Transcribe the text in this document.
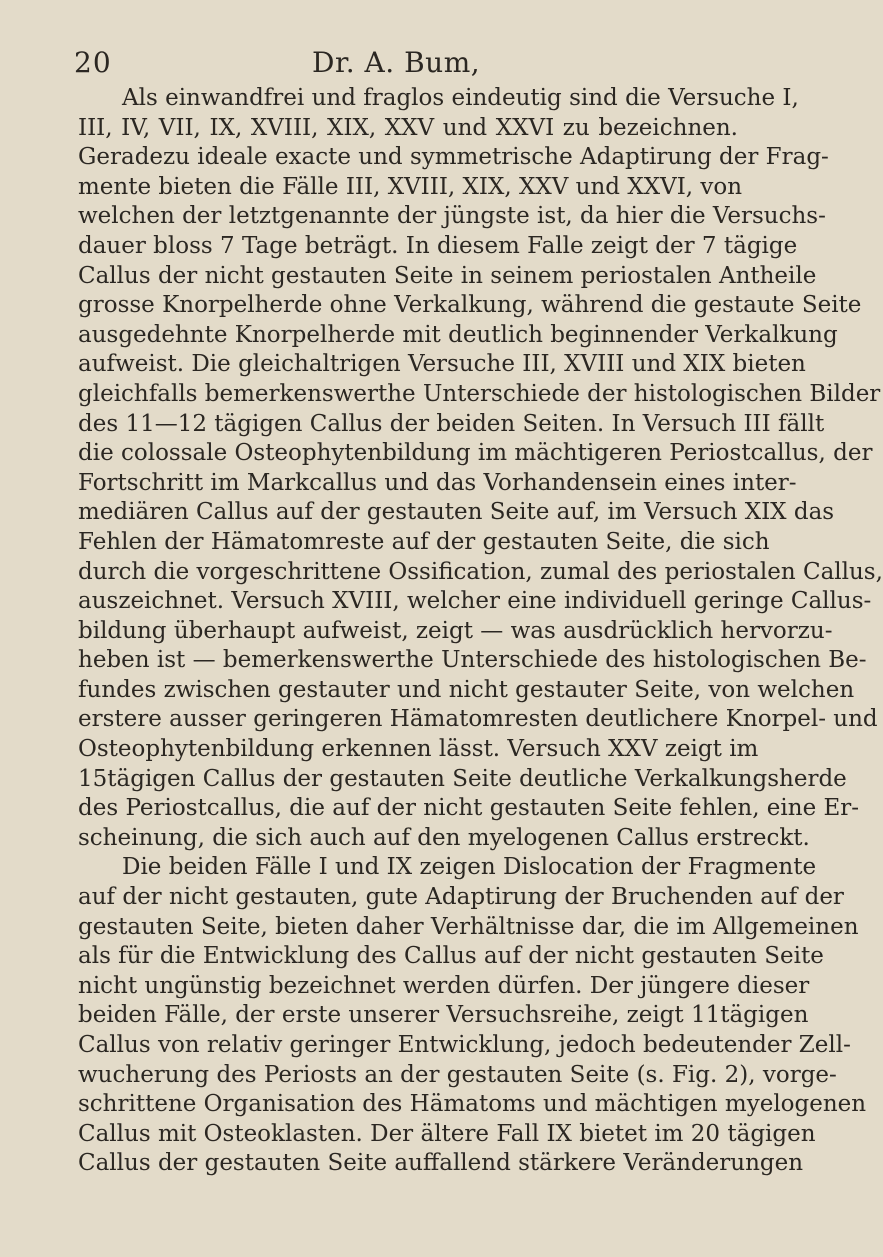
20	Dr. A. Bum,
Als einwandfrei und fraglos eindeutig sind die Versuche I,
III, IV, VII, IX, XVIII, XIX, XXV und XXVI zu bezeichnen.
Geradezu ideale exacte und symmetrische Adaptirung der Frag-
mente bieten die Fälle III, XVIII, XIX, XXV und XXVI, von
welchen der letztgenannte der jüngste ist, da hier die Versuchs-
dauer bloss 7 Tage beträgt. In diesem Falle zeigt der 7 tägige
Callus der nicht gestauten Seite in seinem periostalen Antheile
grosse Knorpelherde ohne Verkalkung, während die gestaute Seite
ausgedehnte Knorpelherde mit deutlich beginnender Verkalkung
aufweist. Die gleichaltrigen Versuche III, XVIII und XIX bieten
gleichfalls bemerkenswerthe Unterschiede der histologischen Bilder
des 11—12 tägigen Callus der beiden Seiten. In Versuch III fällt
die colossale Osteophytenbildung im mächtigeren Periostcallus, der
Fortschritt im Markcallus und das Vorhandensein eines inter-
mediären Callus auf der gestauten Seite auf, im Versuch XIX das
Fehlen der Hämatomreste auf der gestauten Seite, die sich
durch die vorgeschrittene Ossification, zumal des periostalen Callus,
auszeichnet. Versuch XVIII, welcher eine individuell geringe Callus-
bildung überhaupt aufweist, zeigt — was ausdrücklich hervorzu-
heben ist — bemerkenswerthe Unterschiede des histologischen Be-
fundes zwischen gestauter und nicht gestauter Seite, von welchen
erstere ausser geringeren Hämatomresten deutlichere Knorpel- und
Osteophytenbildung erkennen lässt. Versuch XXV zeigt im
15tägigen Callus der gestauten Seite deutliche Verkalkungsherde
des Periostcallus, die auf der nicht gestauten Seite fehlen, eine Er-
scheinung, die sich auch auf den myelogenen Callus erstreckt.
Die beiden Fälle I und IX zeigen Dislocation der Fragmente
auf der nicht gestauten, gute Adaptirung der Bruchenden auf der
gestauten Seite, bieten daher Verhältnisse dar, die im Allgemeinen
als für die Entwicklung des Callus auf der nicht gestauten Seite
nicht ungünstig bezeichnet werden dürfen. Der jüngere dieser
beiden Fälle, der erste unserer Versuchsreihe, zeigt 11tägigen
Callus von relativ geringer Entwicklung, jedoch bedeutender Zell-
wucherung des Periosts an der gestauten Seite (s. Fig. 2), vorge-
schrittene Organisation des Hämatoms und mächtigen myelogenen
Callus mit Osteoklasten. Der ältere Fall IX bietet im 20 tägigen
Callus der gestauten Seite auffallend stärkere Veränderungen
